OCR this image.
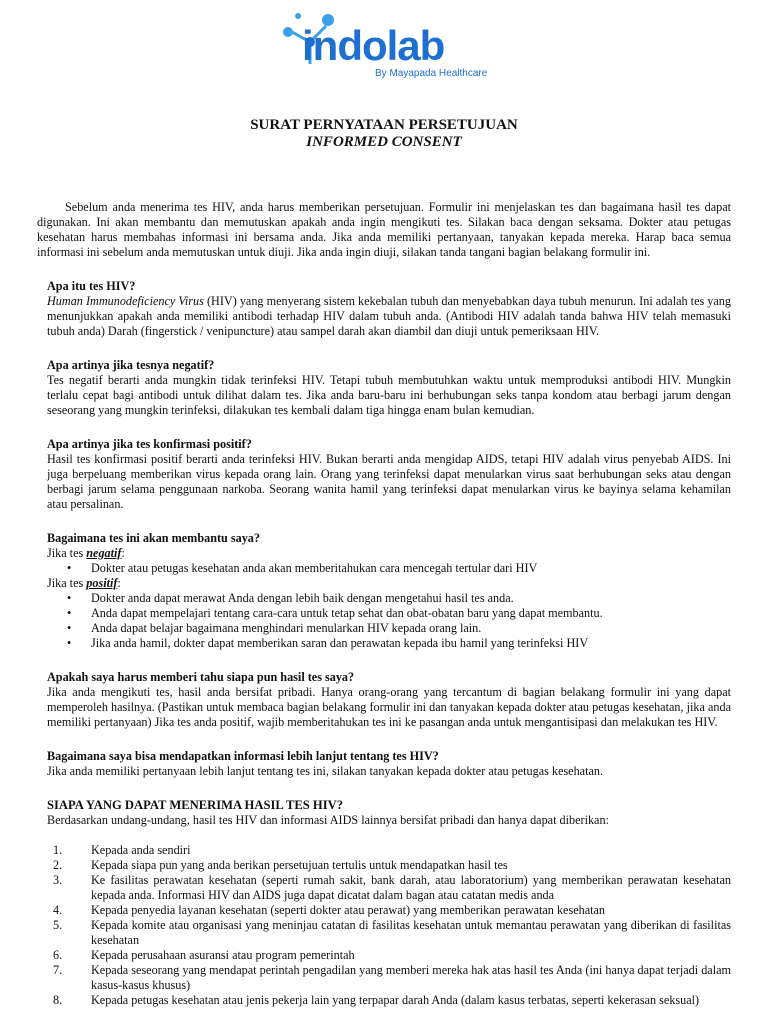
indolab
By Mayapada Healthcare
SURAT PERNYATAAN PERSETUJUAN
INFORMED CONSENT

Sebelum anda menerima tes HIV, anda harus memberikan persetujuan. Formulir ini menjelaskan tes dan bagaimana hasil tes dapat digunakan. Ini akan membantu dan memutuskan apakah anda ingin mengikuti tes. Silakan baca dengan seksama. Dokter atau petugas kesehatan harus membahas informasi ini bersama anda. Jika anda memiliki pertanyaan, tanyakan kepada mereka. Harap baca semua informasi ini sebelum anda memutuskan untuk diuji. Jika anda ingin diuji, silakan tanda tangani bagian belakang formulir ini.

Apa itu tes HIV?

Human Immunodeficiency Virus (HIV) yang menyerang sistem kekebalan tubuh dan menyebabkan daya tubuh menurun. Ini adalah tes yang menunjukkan apakah anda memiliki antibodi terhadap HIV dalam tubuh anda. (Antibodi HIV adalah tanda bahwa HIV telah memasuki tubuh anda) Darah (fingerstick / venipuncture) atau sampel darah akan diambil dan diuji untuk pemeriksaan HIV.

Apa artinya jika tesnya negatif?

Tes negatif berarti anda mungkin tidak terinfeksi HIV. Tetapi tubuh membutuhkan waktu untuk memproduksi antibodi HIV. Mungkin terlalu cepat bagi antibodi untuk dilihat dalam tes. Jika anda baru-baru ini berhubungan seks tanpa kondom atau berbagi jarum dengan seseorang yang mungkin terinfeksi, dilakukan tes kembali dalam tiga hingga enam bulan kemudian.

Apa artinya jika tes konfirmasi positif?

Hasil tes konfirmasi positif berarti anda terinfeksi HIV. Bukan berarti anda mengidap AIDS, tetapi HIV adalah virus penyebab AIDS. Ini juga berpeluang memberikan virus kepada orang lain. Orang yang terinfeksi dapat menularkan virus saat berhubungan seks atau dengan berbagi jarum selama penggunaan narkoba. Seorang wanita hamil yang terinfeksi dapat menularkan virus ke bayinya selama kehamilan atau persalinan.

Bagaimana tes ini akan membantu saya?

Jika tes negatif:

• Dokter atau petugas kesehatan anda akan memberitahukan cara mencegah tertular dari HIV

Jika tes positif:

• Dokter anda dapat merawat Anda dengan lebih baik dengan mengetahui hasil tes anda.

• Anda dapat mempelajari tentang cara-cara untuk tetap sehat dan obat-obatan baru yang dapat membantu.

• Anda dapat belajar bagaimana menghindari menularkan HIV kepada orang lain.

• Jika anda hamil, dokter dapat memberikan saran dan perawatan kepada ibu hamil yang terinfeksi HIV

Apakah saya harus memberi tahu siapa pun hasil tes saya?

Jika anda mengikuti tes, hasil anda bersifat pribadi. Hanya orang-orang yang tercantum di bagian belakang formulir ini yang dapat memperoleh hasilnya. (Pastikan untuk membaca bagian belakang formulir ini dan tanyakan kepada dokter atau petugas kesehatan, jika anda memiliki pertanyaan) Jika tes anda positif, wajib memberitahukan tes ini ke pasangan anda untuk mengantisipasi dan melakukan tes HIV.

Bagaimana saya bisa mendapatkan informasi lebih lanjut tentang tes HIV?

Jika anda memiliki pertanyaan lebih lanjut tentang tes ini, silakan tanyakan kepada dokter atau petugas kesehatan.

SIAPA YANG DAPAT MENERIMA HASIL TES HIV?

Berdasarkan undang-undang, hasil tes HIV dan informasi AIDS lainnya bersifat pribadi dan hanya dapat diberikan:

1. Kepada anda sendiri

2. Kepada siapa pun yang anda berikan persetujuan tertulis untuk mendapatkan hasil tes

3. Ke fasilitas perawatan kesehatan (seperti rumah sakit, bank darah, atau laboratorium) yang memberikan perawatan kesehatan kepada anda. Informasi HIV dan AIDS juga dapat dicatat dalam bagan atau catatan medis anda

4. Kepada penyedia layanan kesehatan (seperti dokter atau perawat) yang memberikan perawatan kesehatan

5. Kepada komite atau organisasi yang meninjau catatan di fasilitas kesehatan untuk memantau perawatan yang diberikan di fasilitas kesehatan

6. Kepada perusahaan asuransi atau program pemerintah

7. Kepada seseorang yang mendapat perintah pengadilan yang memberi mereka hak atas hasil tes Anda (ini hanya dapat terjadi dalam kasus-kasus khusus)

8. Kepada petugas kesehatan atau jenis pekerja lain yang terpapar darah Anda (dalam kasus terbatas, seperti kekerasan seksual)
